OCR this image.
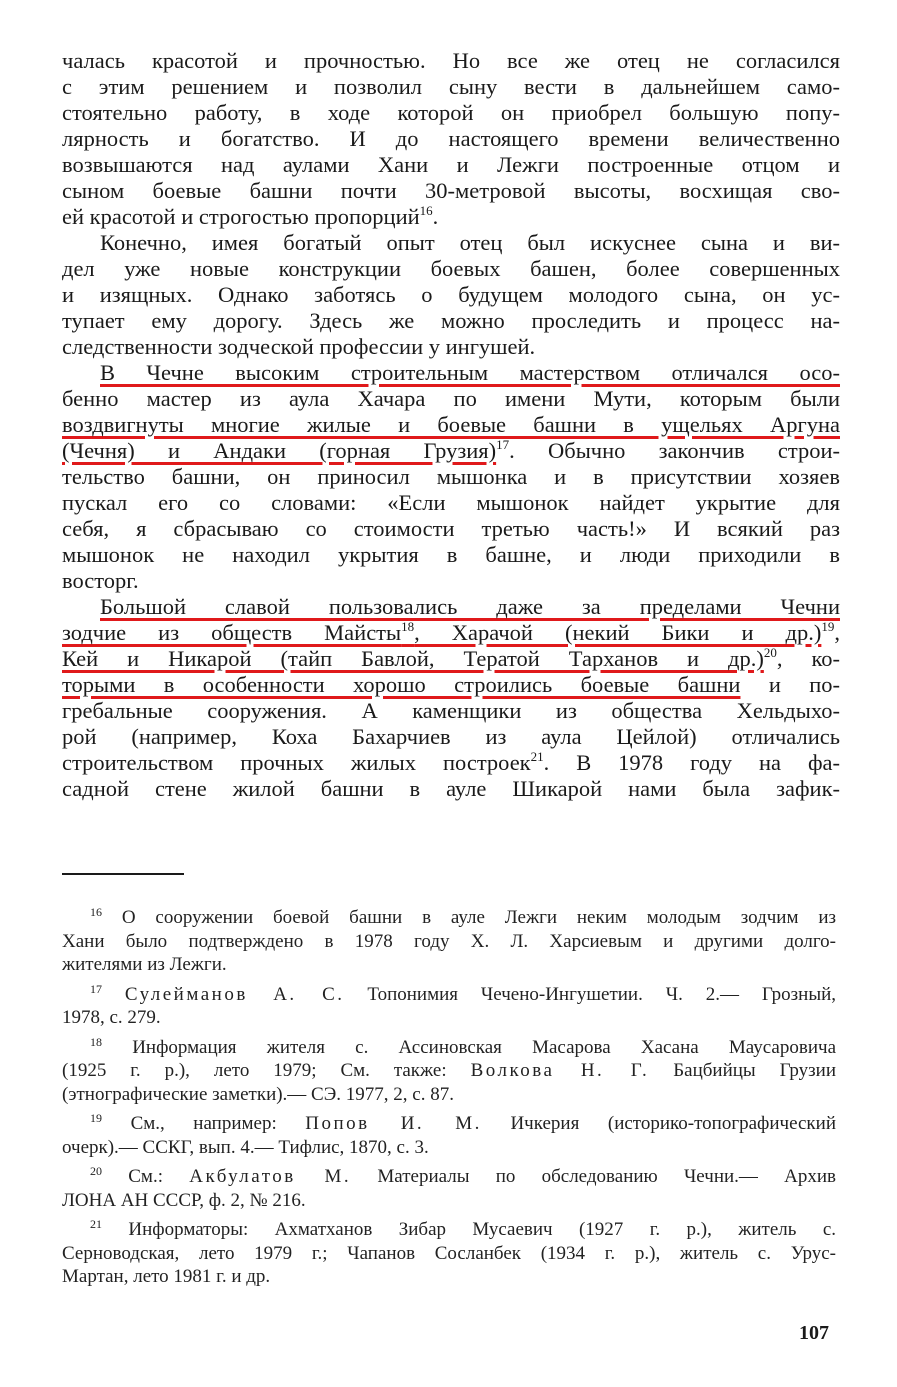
чалась красотой и прочностью. Но все же отец не согласился
с этим решением и позволил сыну вести в дальнейшем само-
стоятельно работу, в ходе которой он приобрел большую попу-
лярность и богатство. И до настоящего времени величественно
возвышаются над аулами Хани и Лежги построенные отцом и
сыном боевые башни почти 30-метровой высоты, восхищая сво-
ей красотой и строгостью пропорций$^{16}$.

Конечно, имея богатый опыт отец был искуснее сына и ви-
дел уже новые конструкции боевых башен, более совершенных
и изящных. Однако заботясь о будущем молодого сына, он ус-
тупает ему дорогу. Здесь же можно проследить и процесс на-
следственности зодческой профессии у ингушей.

В Чечне высоким строительным мастерством отличался осо-
бенно мастер из аула Хачара по имени Мути, которым были
воздвигнуты многие жилые и боевые башни в ущельях Аргуна
(Чечня) и Андаки (горная Грузия)$^{17}$. Обычно закончив строи-
тельство башни, он приносил мышонка и в присутствии хозяев
пускал его со словами: «Если мышонок найдет укрытие для
себя, я сбрасываю со стоимости третью часть!» И всякий раз
мышонок не находил укрытия в башне, и люди приходили в
восторг.

Большой славой пользовались даже за пределами Чечни
зодчие из обществ Майсты$^{18}$, Харачой (некий Бики и др.)$^{19}$,
Кей и Никарой (тайп Бавлой, Тератой Тарханов и др.)$^{20}$, ко-
торыми в особенности хорошо строились боевые башни и по-
гребальные сооружения. А каменщики из общества Хельдыхо-
рой (например, Коха Бахарчиев из аула Цейлой) отличались
строительством прочных жилых построек$^{21}$. В 1978 году на фа-
садной стене жилой башни в ауле Шикарой нами была зафик-

$^{16}$ О сооружении боевой башни в ауле Лежги неким молодым зодчим из
Хани было подтверждено в 1978 году Х. Л. Харсиевым и другими долго-
жителями из Лежги.
$^{17}$ Сулейманов А. С. Топонимия Чечено-Ингушетии. Ч. 2.— Грозный,
1978, с. 279.
$^{18}$ Информация жителя с. Ассиновская Масарова Хасана Маусаровича
(1925 г. р.), лето 1979; См. также: Волкова Н. Г. Бацбийцы Грузии
(этнографические заметки).— СЭ. 1977, 2, с. 87.
$^{19}$ См., например: Попов И. М. Ичкерия (историко-топографический
очерк).— ССКГ, вып. 4.— Тифлис, 1870, с. 3.
$^{20}$ См.: Акбулатов М. Материалы по обследованию Чечни.— Архив
ЛОНА АН СССР, ф. 2, № 216.
$^{21}$ Информаторы: Ахматханов Зибар Мусаевич (1927 г. р.), житель с.
Серноводская, лето 1979 г.; Чапанов Сосланбек (1934 г. р.), житель с. Урус-
Мартан, лето 1981 г. и др.
107
